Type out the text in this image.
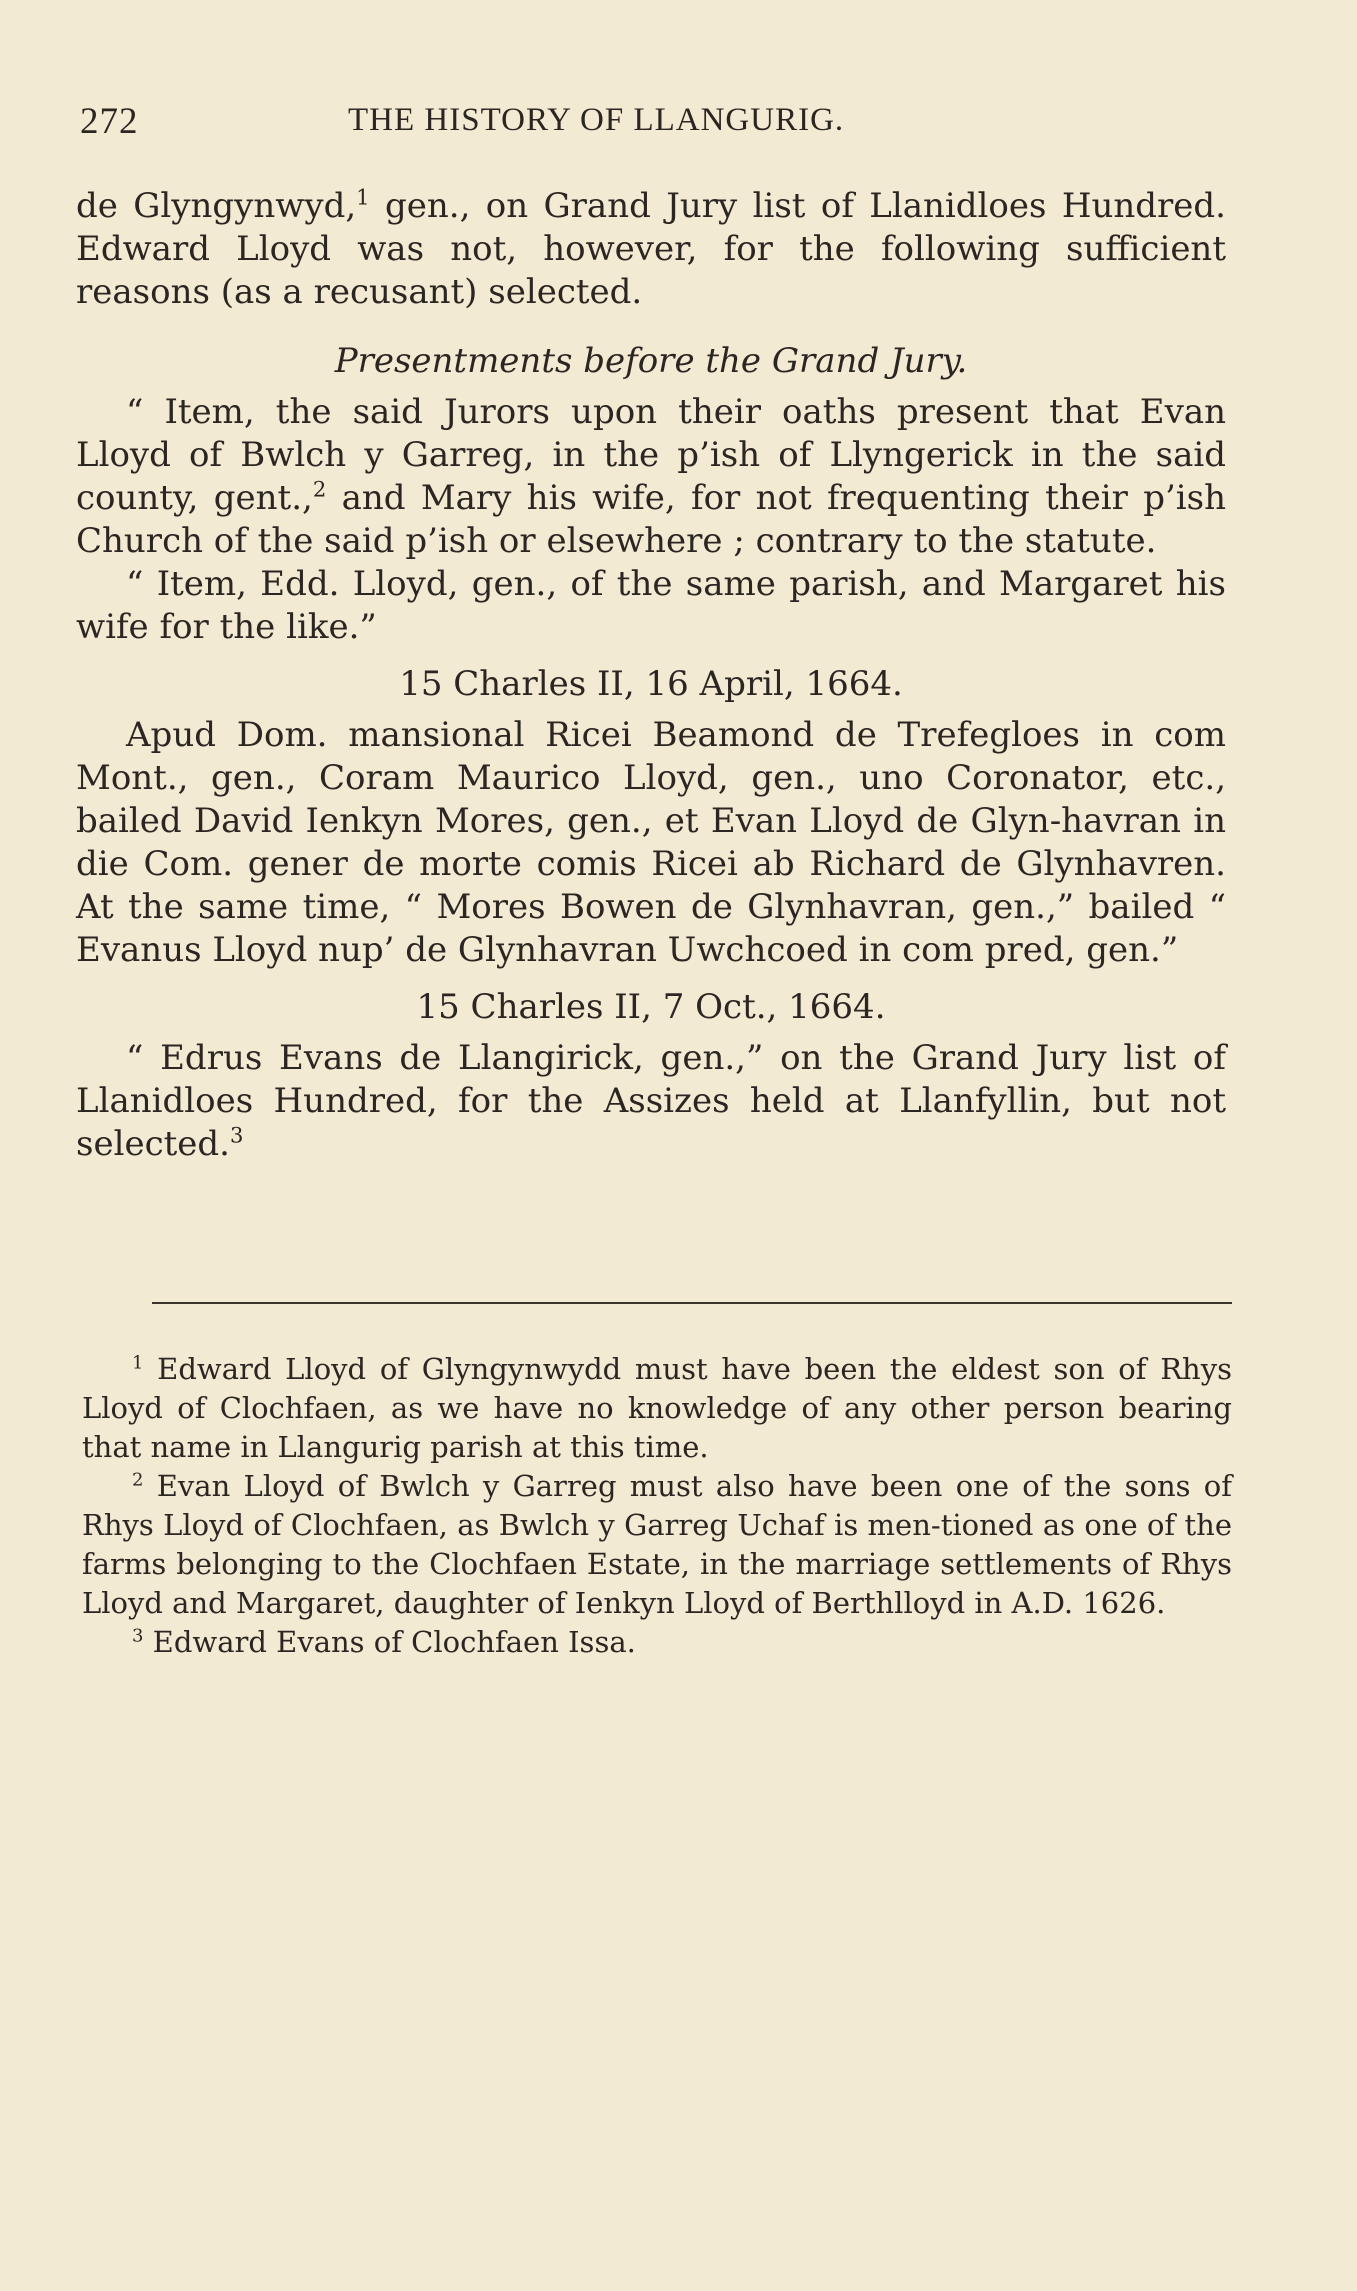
272	THE HISTORY OF LLANGURIG.

de Glyngynwyd,$^1$ gen., on Grand Jury list of Llanidloes Hundred. Edward Lloyd was not, however, for the following sufficient reasons (as a recusant) selected.

Presentments before the Grand Jury.

“ Item, the said Jurors upon their oaths present that Evan Lloyd of Bwlch y Garreg, in the p’ish of Llyngerick in the said county, gent.,$^2$ and Mary his wife, for not frequenting their p’ish Church of the said p’ish or elsewhere ; contrary to the statute.

“ Item, Edd. Lloyd, gen., of the same parish, and Margaret his wife for the like.”

15 Charles II, 16 April, 1664.

Apud Dom. mansional Ricei Beamond de Trefegloes in com Mont., gen., Coram Maurico Lloyd, gen., uno Coronator, etc., bailed David Ienkyn Mores, gen., et Evan Lloyd de Glyn-havran in die Com. gener de morte comis Ricei ab Richard de Glynhavren. At the same time, “ Mores Bowen de Glynhavran, gen.,” bailed “ Evanus Lloyd nup’ de Glynhavran Uwchcoed in com pred, gen.”

15 Charles II, 7 Oct., 1664.

“ Edrus Evans de Llangirick, gen.,” on the Grand Jury list of Llanidloes Hundred, for the Assizes held at Llanfyllin, but not selected.$^3$

$^1$ Edward Lloyd of Glyngynwydd must have been the eldest son of Rhys Lloyd of Clochfaen, as we have no knowledge of any other person bearing that name in Llangurig parish at this time.

$^2$ Evan Lloyd of Bwlch y Garreg must also have been one of the sons of Rhys Lloyd of Clochfaen, as Bwlch y Garreg Uchaf is men-tioned as one of the farms belonging to the Clochfaen Estate, in the marriage settlements of Rhys Lloyd and Margaret, daughter of Ienkyn Lloyd of Berthlloyd in A.D. 1626.

$^3$ Edward Evans of Clochfaen Issa.
